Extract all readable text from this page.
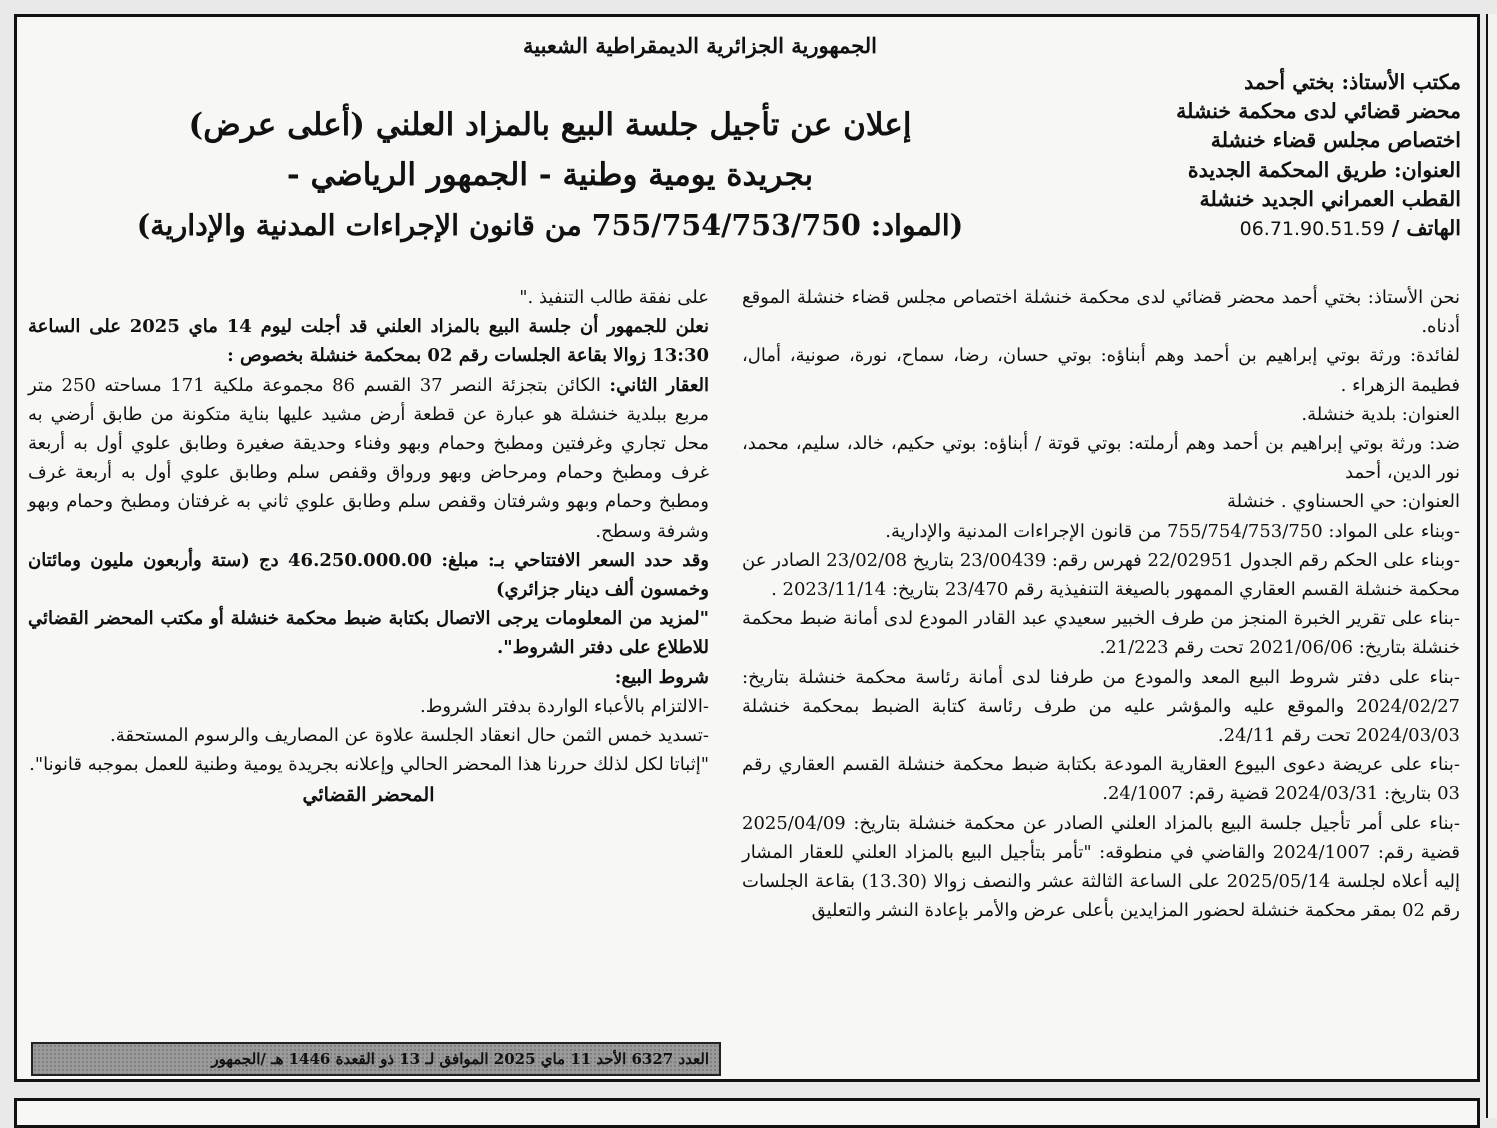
الجمهورية الجزائرية الديمقراطية الشعبية
مكتب الأستاذ: بختي أحمد
محضر قضائي لدى محكمة خنشلة
اختصاص مجلس قضاء خنشلة
العنوان: طريق المحكمة الجديدة
القطب العمراني الجديد خنشلة
الهاتف / 06.71.90.51.59
إعلان عن تأجيل جلسة البيع بالمزاد العلني (أعلى عرض)
بجريدة يومية وطنية - الجمهور الرياضي -
(المواد: 755/754/753/750 من قانون الإجراءات المدنية والإدارية)

نحن الأستاذ: بختي أحمد محضر قضائي لدى محكمة خنشلة اختصاص مجلس قضاء خنشلة الموقع أدناه.

لفائدة: ورثة بوتي إبراهيم بن أحمد وهم أبناؤه: بوتي حسان، رضا، سماح، نورة، صونية، أمال، فطيمة الزهراء .

العنوان: بلدية خنشلة.

ضد: ورثة بوتي إبراهيم بن أحمد وهم أرملته: بوتي قوتة / أبناؤه: بوتي حكيم، خالد، سليم، محمد، نور الدين، أحمد

العنوان: حي الحسناوي . خنشلة

-وبناء على المواد: 755/754/753/750 من قانون الإجراءات المدنية والإدارية.

-وبناء على الحكم رقم الجدول 22/02951 فهرس رقم: 23/00439 بتاريخ 23/02/08 الصادر عن محكمة خنشلة القسم العقاري الممهور بالصيغة التنفيذية رقم 23/470 بتاريخ: 2023/11/14 .

-بناء على تقرير الخبرة المنجز من طرف الخبير سعيدي عبد القادر المودع لدى أمانة ضبط محكمة خنشلة بتاريخ: 2021/06/06 تحت رقم 21/223.

-بناء على دفتر شروط البيع المعد والمودع من طرفنا لدى أمانة رئاسة محكمة خنشلة بتاريخ: 2024/02/27 والموقع عليه والمؤشر عليه من طرف رئاسة كتابة الضبط بمحكمة خنشلة 2024/03/03 تحت رقم 24/11.

-بناء على عريضة دعوى البيوع العقارية المودعة بكتابة ضبط محكمة خنشلة القسم العقاري رقم 03 بتاريخ: 2024/03/31 قضية رقم: 24/1007.

-بناء على أمر تأجيل جلسة البيع بالمزاد العلني الصادر عن محكمة خنشلة بتاريخ: 2025/04/09 قضية رقم: 2024/1007 والقاضي في منطوقه: "تأمر بتأجيل البيع بالمزاد العلني للعقار المشار إليه أعلاه لجلسة 2025/05/14 على الساعة الثالثة عشر والنصف زوالا (13.30) بقاعة الجلسات رقم 02 بمقر محكمة خنشلة لحضور المزايدين بأعلى عرض والأمر بإعادة النشر والتعليق

على نفقة طالب التنفيذ ."

نعلن للجمهور أن جلسة البيع بالمزاد العلني قد أجلت ليوم 14 ماي 2025 على الساعة 13:30 زوالا بقاعة الجلسات رقم 02 بمحكمة خنشلة بخصوص :

العقار الثاني: الكائن بتجزئة النصر 37 القسم 86 مجموعة ملكية 171 مساحته 250 متر مربع ببلدية خنشلة هو عبارة عن قطعة أرض مشيد عليها بناية متكونة من طابق أرضي به محل تجاري وغرفتين ومطبخ وحمام وبهو وفناء وحديقة صغيرة وطابق علوي أول به أربعة غرف ومطبخ وحمام ومرحاض وبهو ورواق وقفص سلم وطابق علوي أول به أربعة غرف ومطبخ وحمام وبهو وشرفتان وقفص سلم وطابق علوي ثاني به غرفتان ومطبخ وحمام وبهو وشرفة وسطح.

وقد حدد السعر الافتتاحي بـ: مبلغ: 46.250.000.00 دج (ستة وأربعون مليون ومائتان وخمسون ألف دينار جزائري)

"لمزيد من المعلومات يرجى الاتصال بكتابة ضبط محكمة خنشلة أو مكتب المحضر القضائي للاطلاع على دفتر الشروط".

شروط البيع:

-الالتزام بالأعباء الواردة بدفتر الشروط.

-تسديد خمس الثمن حال انعقاد الجلسة علاوة عن المصاريف والرسوم المستحقة.

"إثباتا لكل لذلك حررنا هذا المحضر الحالي وإعلانه بجريدة يومية وطنية للعمل بموجبه قانونا".

المحضر القضائي
العدد 6327 الأحد 11 ماي 2025 الموافق لـ 13 ذو القعدة 1446 هـ /الجمهور
